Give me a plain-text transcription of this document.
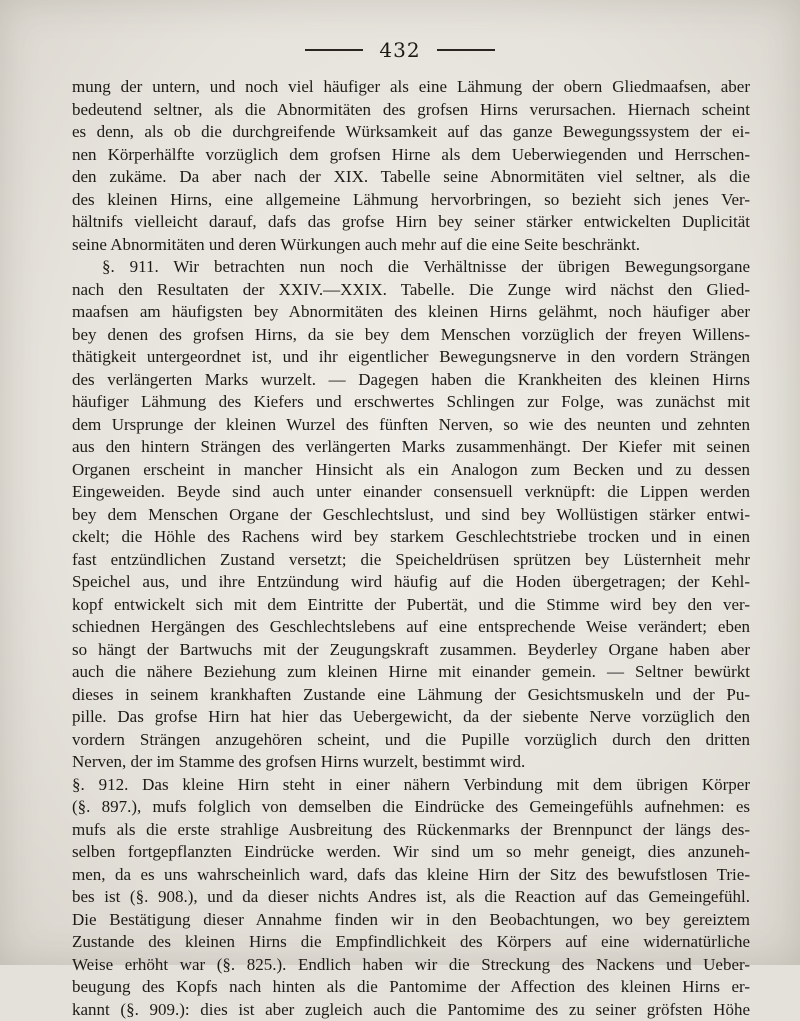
432
mung der untern, und noch viel häufiger als eine Lähmung der obern Gliedmaafsen, aber
bedeutend seltner, als die Abnormitäten des grofsen Hirns verursachen. Hiernach scheint
es denn, als ob die durchgreifende Würksamkeit auf das ganze Bewegungssystem der ei-
nen Körperhälfte vorzüglich dem grofsen Hirne als dem Ueberwiegenden und Herrschen-
den zukäme. Da aber nach der XIX. Tabelle seine Abnormitäten viel seltner, als die
des kleinen Hirns, eine allgemeine Lähmung hervorbringen, so bezieht sich jenes Ver-
hältnifs vielleicht darauf, dafs das grofse Hirn bey seiner stärker entwickelten Duplicität
seine Abnormitäten und deren Würkungen auch mehr auf die eine Seite beschränkt.
§. 911. Wir betrachten nun noch die Verhältnisse der übrigen Bewegungsorgane
nach den Resultaten der XXIV.—XXIX. Tabelle. Die Zunge wird nächst den Glied-
maafsen am häufigsten bey Abnormitäten des kleinen Hirns gelähmt, noch häufiger aber
bey denen des grofsen Hirns, da sie bey dem Menschen vorzüglich der freyen Willens-
thätigkeit untergeordnet ist, und ihr eigentlicher Bewegungsnerve in den vordern Strängen
des verlängerten Marks wurzelt. — Dagegen haben die Krankheiten des kleinen Hirns
häufiger Lähmung des Kiefers und erschwertes Schlingen zur Folge, was zunächst mit
dem Ursprunge der kleinen Wurzel des fünften Nerven, so wie des neunten und zehnten
aus den hintern Strängen des verlängerten Marks zusammenhängt. Der Kiefer mit seinen
Organen erscheint in mancher Hinsicht als ein Analogon zum Becken und zu dessen
Eingeweiden. Beyde sind auch unter einander consensuell verknüpft: die Lippen werden
bey dem Menschen Organe der Geschlechtslust, und sind bey Wollüstigen stärker entwi-
ckelt; die Höhle des Rachens wird bey starkem Geschlechtstriebe trocken und in einen
fast entzündlichen Zustand versetzt; die Speicheldrüsen sprützen bey Lüsternheit mehr
Speichel aus, und ihre Entzündung wird häufig auf die Hoden übergetragen; der Kehl-
kopf entwickelt sich mit dem Eintritte der Pubertät, und die Stimme wird bey den ver-
schiednen Hergängen des Geschlechtslebens auf eine entsprechende Weise verändert; eben
so hängt der Bartwuchs mit der Zeugungskraft zusammen. Beyderley Organe haben aber
auch die nähere Beziehung zum kleinen Hirne mit einander gemein. — Seltner bewürkt
dieses in seinem krankhaften Zustande eine Lähmung der Gesichtsmuskeln und der Pu-
pille. Das grofse Hirn hat hier das Uebergewicht, da der siebente Nerve vorzüglich den
vordern Strängen anzugehören scheint, und die Pupille vorzüglich durch den dritten
Nerven, der im Stamme des grofsen Hirns wurzelt, bestimmt wird.
§. 912. Das kleine Hirn steht in einer nähern Verbindung mit dem übrigen Körper
(§. 897.), mufs folglich von demselben die Eindrücke des Gemeingefühls aufnehmen: es
mufs als die erste strahlige Ausbreitung des Rückenmarks der Brennpunct der längs des-
selben fortgepflanzten Eindrücke werden. Wir sind um so mehr geneigt, dies anzuneh-
men, da es uns wahrscheinlich ward, dafs das kleine Hirn der Sitz des bewufstlosen Trie-
bes ist (§. 908.), und da dieser nichts Andres ist, als die Reaction auf das Gemeingefühl.
Die Bestätigung dieser Annahme finden wir in den Beobachtungen, wo bey gereiztem
Zustande des kleinen Hirns die Empfindlichkeit des Körpers auf eine widernatürliche
Weise erhöht war (§. 825.). Endlich haben wir die Streckung des Nackens und Ueber-
beugung des Kopfs nach hinten als die Pantomime der Affection des kleinen Hirns er-
kannt (§. 909.): dies ist aber zugleich auch die Pantomime des zu seiner gröfsten Höhe
